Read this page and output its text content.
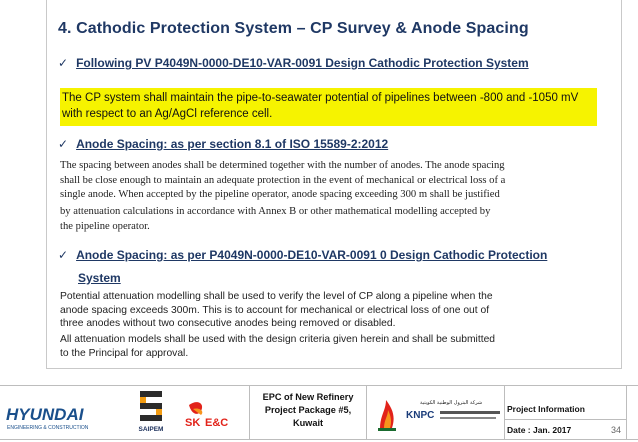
4. Cathodic Protection System – CP Survey & Anode Spacing
✓ Following PV P4049N-0000-DE10-VAR-0091 Design Cathodic Protection System
The CP system shall maintain the pipe-to-seawater potential of pipelines between -800 and -1050 mV with respect to an Ag/AgCl reference cell.
✓ Anode Spacing: as per section 8.1 of ISO 15589-2:2012
The spacing between anodes shall be determined together with the number of anodes. The anode spacing
shall be close enough to maintain an adequate protection in the event of mechanical or electrical loss of a
single anode. When accepted by the pipeline operator, anode spacing exceeding 300 m shall be justified
by attenuation calculations in accordance with Annex B or other mathematical modelling accepted by
the pipeline operator.
✓ Anode Spacing: as per P4049N-0000-DE10-VAR-0091 0 Design Cathodic Protection
System
Potential attenuation modelling shall be used to verify the level of CP along a pipeline when the
anode spacing exceeds 300m. This is to account for mechanical or electrical loss of one out of
three anodes without two consecutive anodes being removed or disabled.
All attenuation models shall be used with the design criteria given herein and shall be submitted
to the Principal for approval.
HYUNDAI
ENGINEERING & CONSTRUCTION	SAIPEM
SK E&C
EPC of New Refinery
Project Package #5,
Kuwait
شركة البترول الوطنية الكويتية
KNPC
Project Information
Date : Jan. 2017	34
